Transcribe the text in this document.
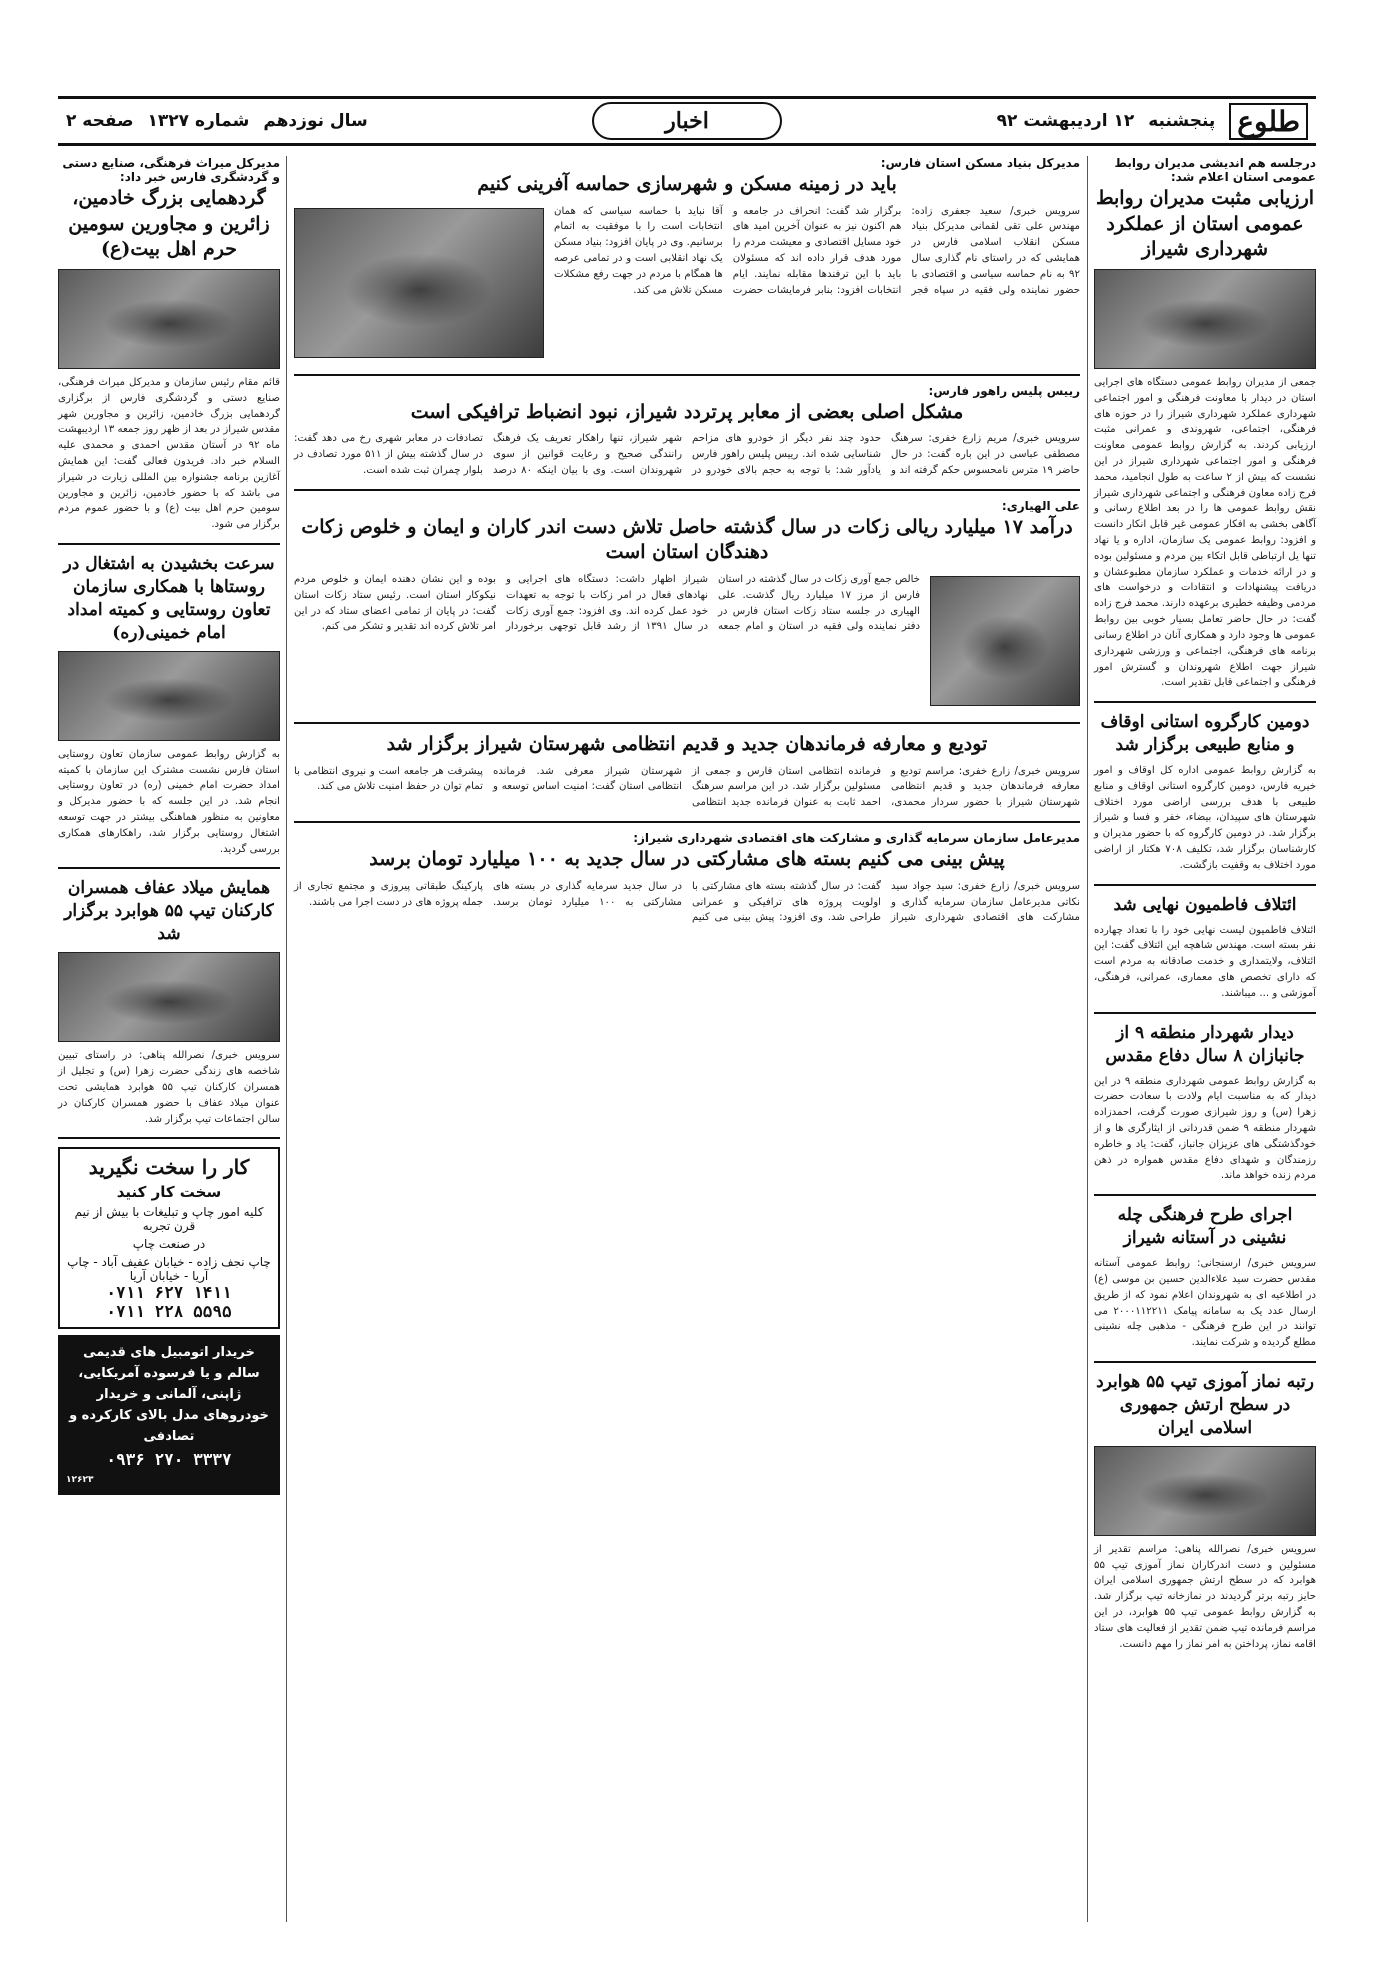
طلوع
پنجشنبه
۱۲ اردیبهشت ۹۲
سال نوزدهم
شماره ۱۳۲۷
صفحه ۲	اخبار
درجلسه هم اندیشی مدیران روابط عمومی استان اعلام شد:
ارزیابی مثبت مدیران روابط عمومی استان از عملکرد شهرداری شیراز
جمعی از مدیران روابط عمومی دستگاه های اجرایی استان در دیدار با معاونت فرهنگی و امور اجتماعی شهرداری عملکرد شهرداری شیراز را در حوزه های فرهنگی، اجتماعی، شهروندی و عمرانی مثبت ارزیابی کردند. به گزارش روابط عمومی معاونت فرهنگی و امور اجتماعی شهرداری شیراز در این نشست که بیش از ۲ ساعت به طول انجامید، محمد فرج زاده معاون فرهنگی و اجتماعی شهرداری شیراز نقش روابط عمومی ها را در بعد اطلاع رسانی و آگاهی بخشی به افکار عمومی غیر قابل انکار دانست و افزود: روابط عمومی یک سازمان، اداره و یا نهاد تنها یل ارتباطی قابل اتکاء بین مردم و مسئولین بوده و در ارائه خدمات و عملکرد سازمان مطبوعشان و دریافت پیشنهادات و انتقادات و درخواست های مردمی وظیفه خطیری برعهده دارند. محمد فرج زاده گفت: در حال حاضر تعامل بسیار خوبی بین روابط عمومی ها وجود دارد و همکاری آنان در اطلاع رسانی برنامه های فرهنگی، اجتماعی و ورزشی شهرداری شیراز جهت اطلاع شهروندان و گسترش امور فرهنگی و اجتماعی قابل تقدیر است.
دومین کارگروه استانی اوقاف و منابع طبیعی برگزار شد
به گزارش روابط عمومی اداره کل اوقاف و امور خیریه فارس، دومین کارگروه استانی اوقاف و منابع طبیعی با هدف بررسی اراضی مورد اختلاف شهرستان های سپیدان، بیضاء، خفر و فسا و شیراز برگزار شد. در دومین کارگروه که با حضور مدیران و کارشناسان برگزار شد، تکلیف ۷۰۸ هکتار از اراضی مورد اختلاف به وقفیت بازگشت.
ائتلاف فاطمیون نهایی شد
ائتلاف فاطمیون لیست نهایی خود را با تعداد چهارده نفر بسته است. مهندس شاهچه این ائتلاف گفت: این ائتلاف، ولایتمداری و خدمت صادقانه به مردم است که دارای تخصص های معماری، عمرانی، فرهنگی، آموزشی و ... میباشند.
دیدار شهردار منطقه ۹ از جانبازان ۸ سال دفاع مقدس
به گزارش روابط عمومی شهرداری منطقه ۹ در این دیدار که به مناسبت ایام ولادت با سعادت حضرت زهرا (س) و روز شیرازی صورت گرفت، احمدزاده شهردار منطقه ۹ ضمن قدردانی از ایثارگری ها و از خودگذشتگی های عزیزان جانباز، گفت: یاد و خاطره رزمندگان و شهدای دفاع مقدس همواره در ذهن مردم زنده خواهد ماند.
اجرای طرح فرهنگی چله نشینی در آستانه شیراز
سرویس خبری/ ارسنجانی: روابط عمومی آستانه مقدس حضرت سید علاءالدین حسین بن موسی (ع) در اطلاعیه ای به شهروندان اعلام نمود که از طریق ارسال عدد یک به سامانه پیامک ۲۰۰۰۱۱۲۲۱۱ می توانند در این طرح فرهنگی - مذهبی چله نشینی مطلع گردیده و شرکت نمایند.
رتبه نماز آموزی تیپ ۵۵ هوابرد در سطح ارتش جمهوری اسلامی ایران
سرویس خبری/ نصرالله پناهی: مراسم تقدیر از مسئولین و دست اندرکاران نماز آموزی تیپ ۵۵ هوابرد که در سطح ارتش جمهوری اسلامی ایران حایز رتبه برتر گردیدند در نمازخانه تیپ برگزار شد. به گزارش روابط عمومی تیپ ۵۵ هوابرد، در این مراسم فرمانده تیپ ضمن تقدیر از فعالیت های ستاد اقامه نماز، پرداختن به امر نماز را مهم دانست.
مدیرکل بنیاد مسکن استان فارس:
باید در زمینه مسکن و شهرسازی حماسه آفرینی کنیم
سرویس خبری/ سعید جعفری زاده: مهندس علی تقی لقمانی مدیرکل بنیاد مسکن انقلاب اسلامی فارس در همایشی که در راستای نام گذاری سال ۹۲ به نام حماسه سیاسی و اقتصادی با حضور نماینده ولی فقیه در سپاه فجر برگزار شد گفت: انحراف در جامعه و هم اکنون نیز به عنوان آخرین امید های خود مسایل اقتصادی و معیشت مردم را مورد هدف قرار داده اند که مسئولان باید با این ترفندها مقابله نمایند. ایام انتخابات افزود: بنابر فرمایشات حضرت آقا نباید با حماسه سیاسی که همان انتخابات است را با موفقیت به اتمام برسانیم. وی در پایان افزود: بنیاد مسکن یک نهاد انقلابی است و در تمامی عرصه ها همگام با مردم در جهت رفع مشکلات مسکن تلاش می کند.
رییس پلیس راهور فارس:
مشکل اصلی بعضی از معابر پرتردد شیراز، نبود انضباط ترافیکی است
سرویس خبری/ مریم زارع خفری: سرهنگ مصطفی عباسی در این باره گفت: در حال حاضر ۱۹ مترس نامحسوس حکم گرفته اند و حدود چند نفر دیگر از خودرو های مزاحم شناسایی شده اند. رییس پلیس راهور فارس یادآور شد: با توجه به حجم بالای خودرو در شهر شیراز، تنها راهکار تعریف یک فرهنگ رانندگی صحیح و رعایت قوانین از سوی شهروندان است. وی با بیان اینکه ۸۰ درصد تصادفات در معابر شهری رخ می دهد گفت: در سال گذشته بیش از ۵۱۱ مورد تصادف در بلوار چمران ثبت شده است.
علی الهیاری:
درآمد ۱۷ میلیارد ریالی زکات در سال گذشته حاصل تلاش دست اندر کاران و ایمان و خلوص زکات دهندگان استان است
خالص جمع آوری زکات در سال گذشته در استان فارس از مرز ۱۷ میلیارد ریال گذشت. علی الهیاری در جلسه ستاد زکات استان فارس در دفتر نماینده ولی فقیه در استان و امام جمعه شیراز اظهار داشت: دستگاه های اجرایی و نهادهای فعال در امر زکات با توجه به تعهدات خود عمل کرده اند. وی افزود: جمع آوری زکات در سال ۱۳۹۱ از رشد قابل توجهی برخوردار بوده و این نشان دهنده ایمان و خلوص مردم نیکوکار استان است. رئیس ستاد زکات استان گفت: در پایان از تمامی اعضای ستاد که در این امر تلاش کرده اند تقدیر و تشکر می کنم.
تودیع و معارفه فرماندهان جدید و قدیم انتظامی شهرستان شیراز برگزار شد
سرویس خبری/ زارع خفری: مراسم تودیع و معارفه فرماندهان جدید و قدیم انتظامی شهرستان شیراز با حضور سردار محمدی، فرمانده انتظامی استان فارس و جمعی از مسئولین برگزار شد. در این مراسم سرهنگ احمد ثابت به عنوان فرمانده جدید انتظامی شهرستان شیراز معرفی شد. فرمانده انتظامی استان گفت: امنیت اساس توسعه و پیشرفت هر جامعه است و نیروی انتظامی با تمام توان در حفظ امنیت تلاش می کند.
مدیرعامل سازمان سرمایه گذاری و مشارکت های اقتصادی شهرداری شیراز:
پیش بینی می کنیم بسته های مشارکتی در سال جدید به ۱۰۰ میلیارد تومان برسد
سرویس خبری/ زارع خفری: سید جواد سید نکاتی مدیرعامل سازمان سرمایه گذاری و مشارکت های اقتصادی شهرداری شیراز گفت: در سال گذشته بسته های مشارکتی با اولویت پروژه های ترافیکی و عمرانی طراحی شد. وی افزود: پیش بینی می کنیم در سال جدید سرمایه گذاری در بسته های مشارکتی به ۱۰۰ میلیارد تومان برسد. پارکینگ طبقاتی پیروزی و مجتمع تجاری از جمله پروژه های در دست اجرا می باشند.
مدیرکل میراث فرهنگی، صنایع دستی و گردشگری فارس خبر داد:
گردهمایی بزرگ خادمین، زائرین و مجاورین سومین حرم اهل بیت(ع)
قائم مقام رئیس سازمان و مدیرکل میراث فرهنگی، صنایع دستی و گردشگری فارس از برگزاری گردهمایی بزرگ خادمین، زائرین و مجاورین شهر مقدس شیراز در بعد از ظهر روز جمعه ۱۳ اردیبهشت ماه ۹۲ در آستان مقدس احمدی و محمدی علیه السلام خبر داد. فریدون فعالی گفت: این همایش آغازین برنامه جشنواره بین المللی زیارت در شیراز می باشد که با حضور خادمین، زائرین و مجاورین سومین حرم اهل بیت (ع) و با حضور عموم مردم برگزار می شود.
سرعت بخشیدن به اشتغال در روستاها با همکاری سازمان تعاون روستایی و کمیته امداد امام خمینی(ره)
به گزارش روابط عمومی سازمان تعاون روستایی استان فارس نشست مشترک این سازمان با کمیته امداد حضرت امام خمینی (ره) در تعاون روستایی انجام شد. در این جلسه که با حضور مدیرکل و معاونین به منظور هماهنگی بیشتر در جهت توسعه اشتغال روستایی برگزار شد، راهکارهای همکاری بررسی گردید.
همایش میلاد عفاف همسران کارکنان تیپ ۵۵ هوابرد برگزار شد
سرویس خبری/ نصرالله پناهی: در راستای تبیین شاخصه های زندگی حضرت زهرا (س) و تجلیل از همسران کارکنان تیپ ۵۵ هوابرد همایشی تحت عنوان میلاد عفاف با حضور همسران کارکنان در سالن اجتماعات تیپ برگزار شد.
کار را سخت نگیرید
سخت کار کنید
کلیه امور چاپ و تبلیغات با بیش از نیم قرن تجربه
در صنعت چاپ
چاپ نجف زاده - خیابان عفیف آباد - چاپ آریا - خیابان آریا
۰۷۱۱ ۶۲۷ ۱۴۱۱
۰۷۱۱ ۲۲۸ ۵۵۹۵
خریدار اتومبیل های قدیمی سالم و یا فرسوده آمریکایی، ژاپنی، آلمانی و خریدار خودروهای مدل بالای کارکرده و تصادفی
۰۹۳۶ ۲۷۰ ۳۳۳۷
۱۲۶۲۳
